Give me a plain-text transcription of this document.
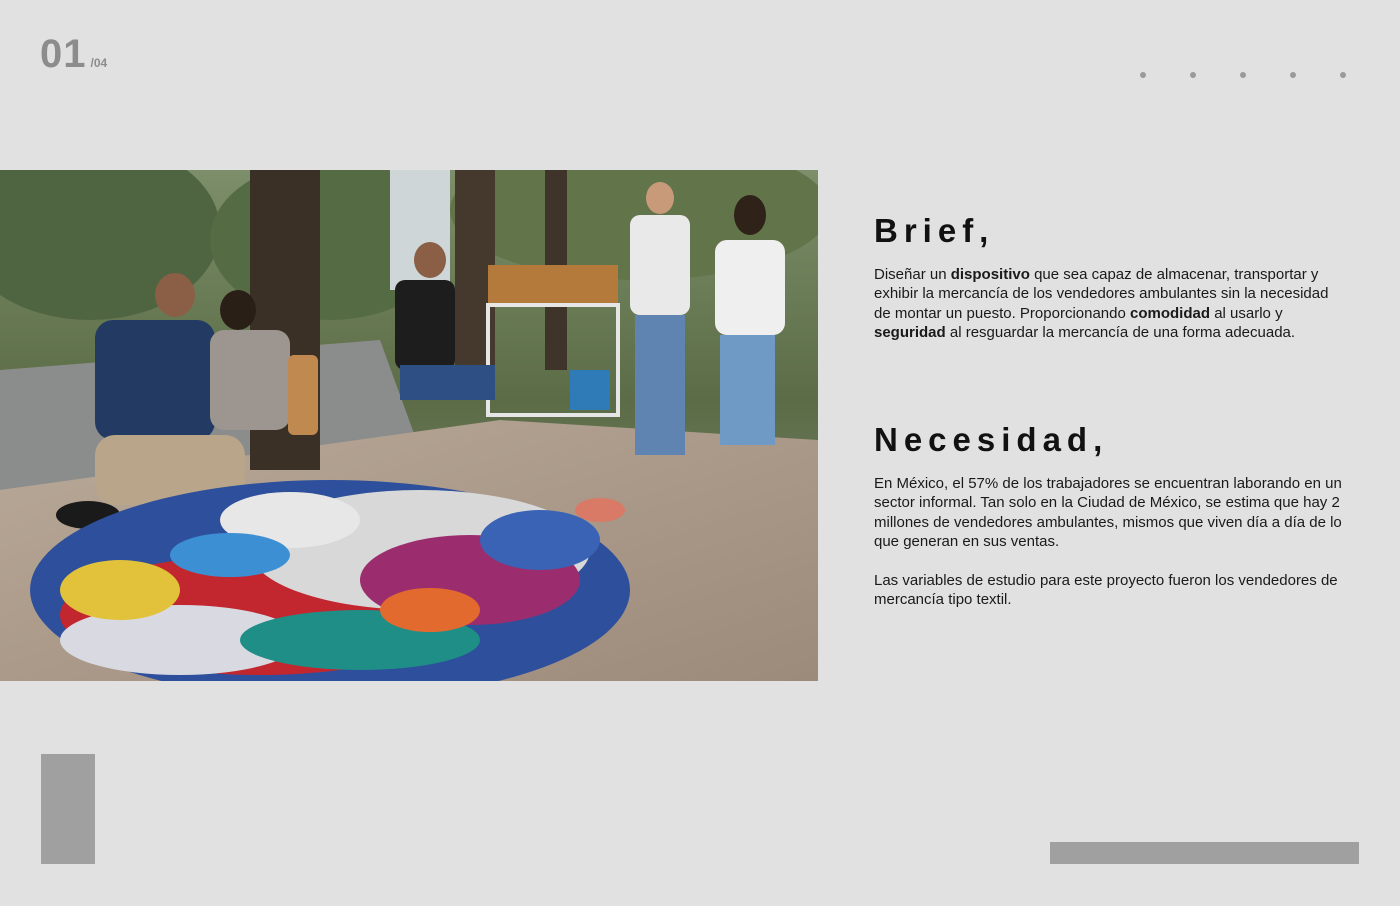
01 /04
Brief,

Diseñar un dispositivo que sea capaz de almacenar, transportar y exhibir la mercancía de los vendedores ambulantes sin la necesidad de montar un puesto. Proporcionando comodidad al usarlo y seguridad al resguardar la mercancía de una forma adecuada.

Necesidad,

En México, el 57% de los trabajadores se encuentran laborando en un sector informal. Tan solo en la Ciudad de México, se estima que hay 2 millones de vendedores ambulantes, mismos que viven día a día de lo que generan en sus ventas.

Las variables de estudio para este proyecto fueron los vendedores de mercancía tipo textil.
